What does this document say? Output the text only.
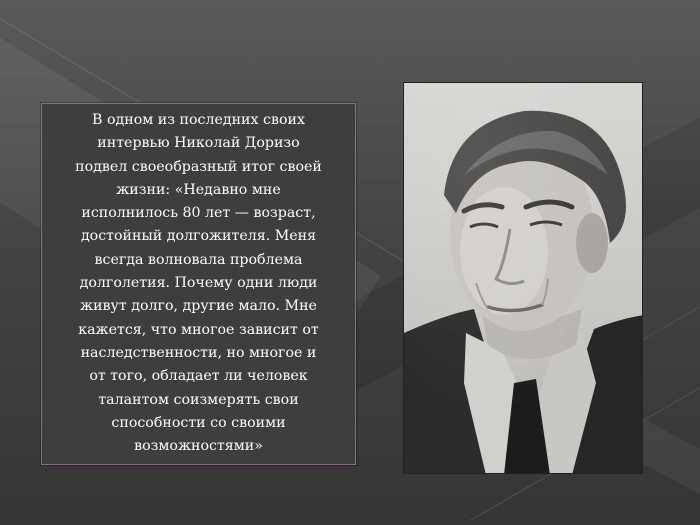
В одном из последних своих
интервью Николай Доризо
подвел своеобразный итог своей
жизни: «Недавно мне
исполнилось 80 лет — возраст,
достойный долгожителя. Меня
всегда волновала проблема
долголетия. Почему одни люди
живут долго, другие мало. Мне
кажется, что многое зависит от
наследственности, но многое и
от того, обладает ли человек
талантом соизмерять свои
способности со своими
возможностями»
